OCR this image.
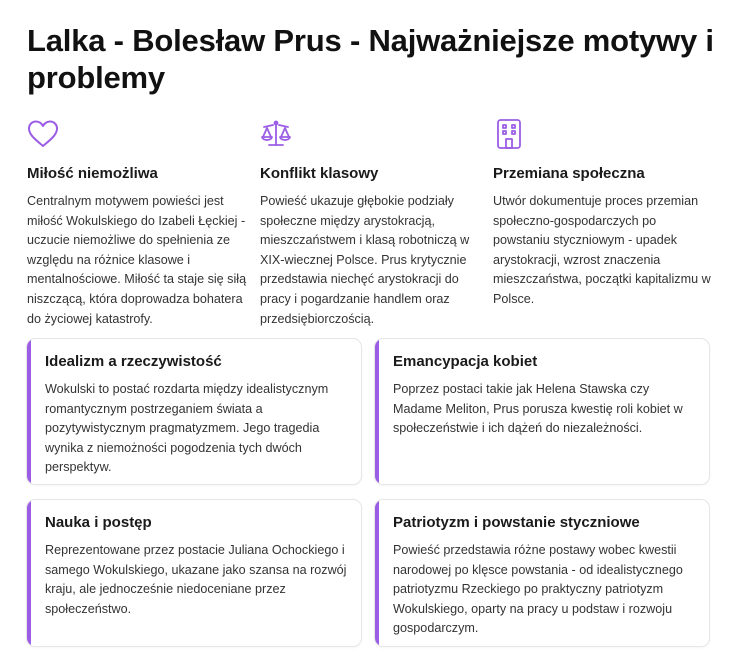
Lalka - Bolesław Prus - Najważniejsze motywy i problemy
Miłość niemożliwa

Centralnym motywem powieści jest miłość Wokulskiego do Izabeli Łęckiej - uczucie niemożliwe do spełnienia ze względu na różnice klasowe i mentalnościowe. Miłość ta staje się siłą niszczącą, która doprowadza bohatera do życiowej katastrofy.

Konflikt klasowy

Powieść ukazuje głębokie podziały społeczne między arystokracją, mieszczaństwem i klasą robotniczą w XIX-wiecznej Polsce. Prus krytycznie przedstawia niechęć arystokracji do pracy i pogardzanie handlem oraz przedsiębiorczością.

Przemiana społeczna

Utwór dokumentuje proces przemian społeczno-gospodarczych po powstaniu styczniowym - upadek arystokracji, wzrost znaczenia mieszczaństwa, początki kapitalizmu w Polsce.

Idealizm a rzeczywistość

Wokulski to postać rozdarta między idealistycznym romantycznym postrzeganiem świata a pozytywistycznym pragmatyzmem. Jego tragedia wynika z niemożności pogodzenia tych dwóch perspektyw.

Emancypacja kobiet

Poprzez postaci takie jak Helena Stawska czy Madame Meliton, Prus porusza kwestię roli kobiet w społeczeństwie i ich dążeń do niezależności.

Nauka i postęp

Reprezentowane przez postacie Juliana Ochockiego i samego Wokulskiego, ukazane jako szansa na rozwój kraju, ale jednocześnie niedoceniane przez społeczeństwo.

Patriotyzm i powstanie styczniowe

Powieść przedstawia różne postawy wobec kwestii narodowej po klęsce powstania - od idealistycznego patriotyzmu Rzeckiego po praktyczny patriotyzm Wokulskiego, oparty na pracy u podstaw i rozwoju gospodarczym.
